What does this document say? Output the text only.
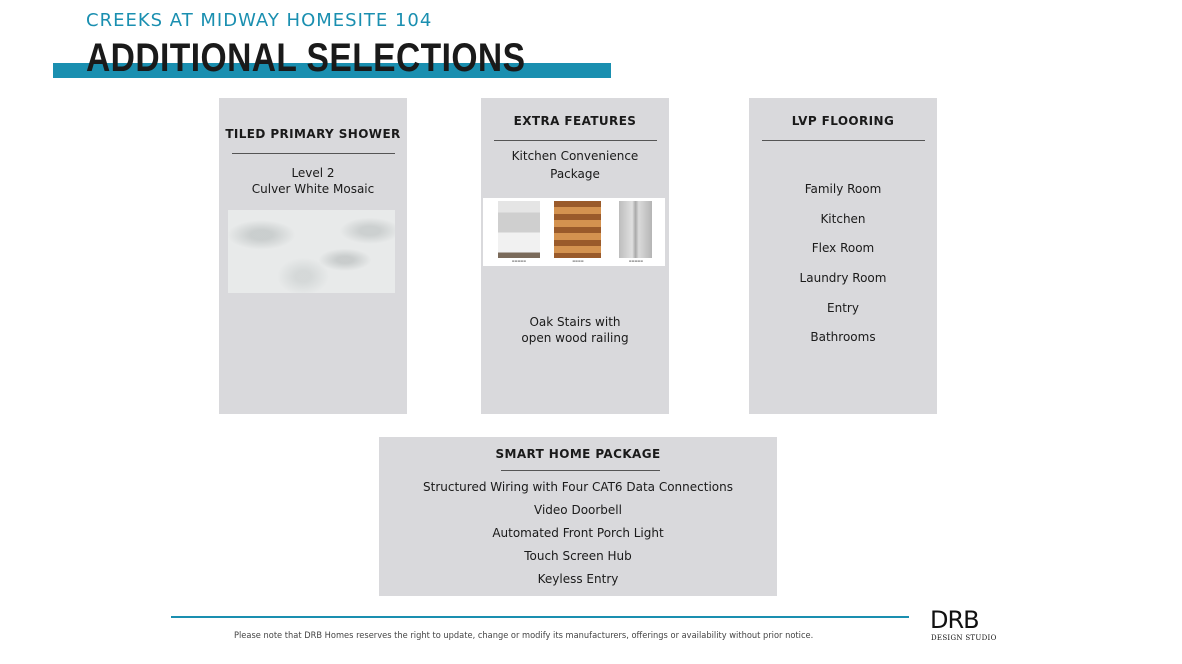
CREEKS AT MIDWAY HOMESITE 104
ADDITIONAL SELECTIONS
TILED PRIMARY SHOWER
Level 2
Culver White Mosaic
EXTRA FEATURES
Kitchen Convenience
Package
▬▬▬▬▬	▬▬▬▬	▬▬▬▬▬
Oak Stairs with
open wood railing
LVP FLOORING
Family Room
Kitchen
Flex Room
Laundry Room
Entry
Bathrooms
SMART HOME PACKAGE
Structured Wiring with Four CAT6 Data Connections
Video Doorbell
Automated Front Porch Light
Touch Screen Hub
Keyless Entry
Please note that DRB Homes reserves the right to update, change or modify its manufacturers, offerings or availability without prior notice.
DRB
DESIGN STUDIO
